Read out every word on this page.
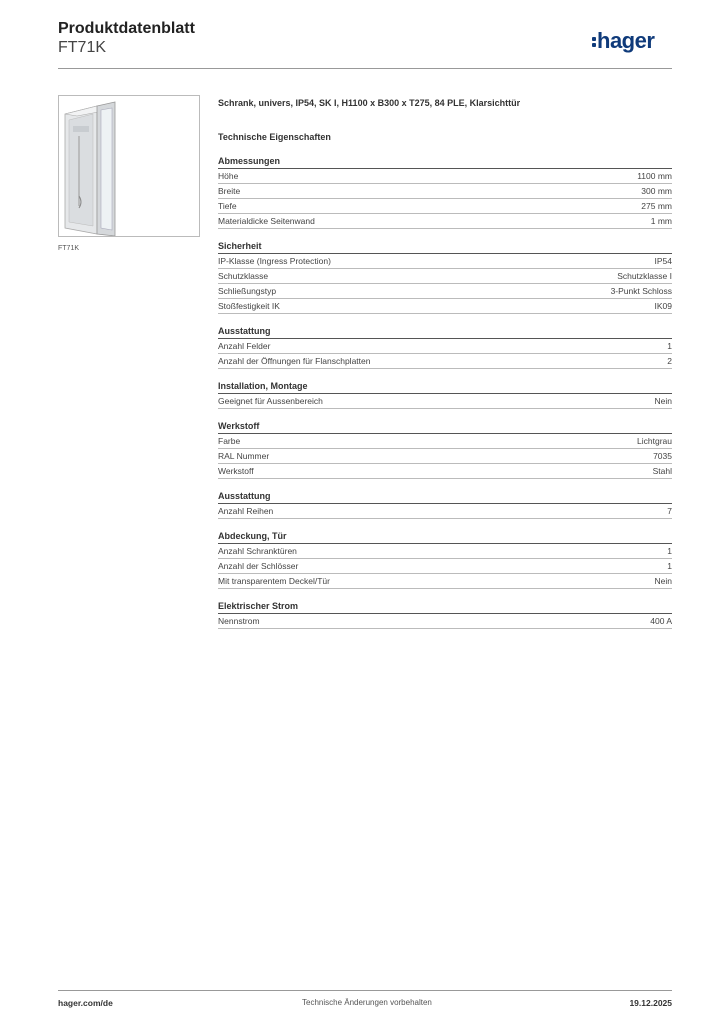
Produktdatenblatt
FT71K	hager
FT71K
Schrank, univers, IP54, SK I, H1100 x B300 x T275, 84 PLE, Klarsichttür
Technische Eigenschaften
Abmessungen
Höhe	1100 mm
Breite	300 mm
Tiefe	275 mm
Materialdicke Seitenwand	1 mm
Sicherheit
IP-Klasse (Ingress Protection)	IP54
Schutzklasse	Schutzklasse I
Schließungstyp	3-Punkt Schloss
Stoßfestigkeit IK	IK09
Ausstattung
Anzahl Felder	1
Anzahl der Öffnungen für Flanschplatten	2
Installation, Montage
Geeignet für Aussenbereich	Nein
Werkstoff
Farbe	Lichtgrau
RAL Nummer	7035
Werkstoff	Stahl
Ausstattung
Anzahl Reihen	7
Abdeckung, Tür
Anzahl Schranktüren	1
Anzahl der Schlösser	1
Mit transparentem Deckel/Tür	Nein
Elektrischer Strom
Nennstrom	400 A
hager.com/de	Technische Änderungen vorbehalten	19.12.2025
